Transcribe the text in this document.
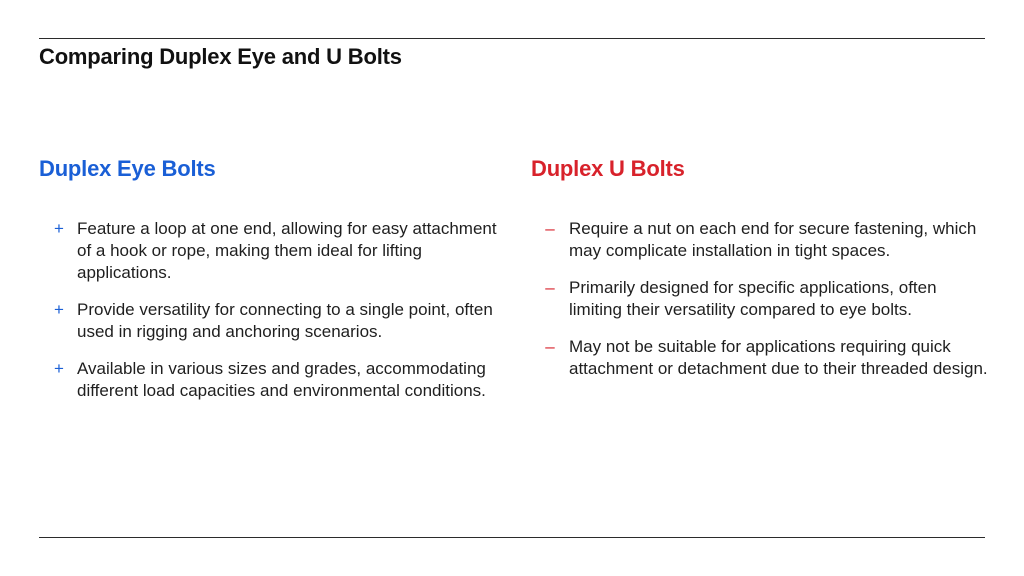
Comparing Duplex Eye and U Bolts
Duplex Eye Bolts
+ Feature a loop at one end, allowing for easy attachment of a hook or rope, making them ideal for lifting applications.
+ Provide versatility for connecting to a single point, often used in rigging and anchoring scenarios.
+ Available in various sizes and grades, accommodating different load capacities and environmental conditions.
Duplex U Bolts
– Require a nut on each end for secure fastening, which may complicate installation in tight spaces.
– Primarily designed for specific applications, often limiting their versatility compared to eye bolts.
– May not be suitable for applications requiring quick attachment or detachment due to their threaded design.
